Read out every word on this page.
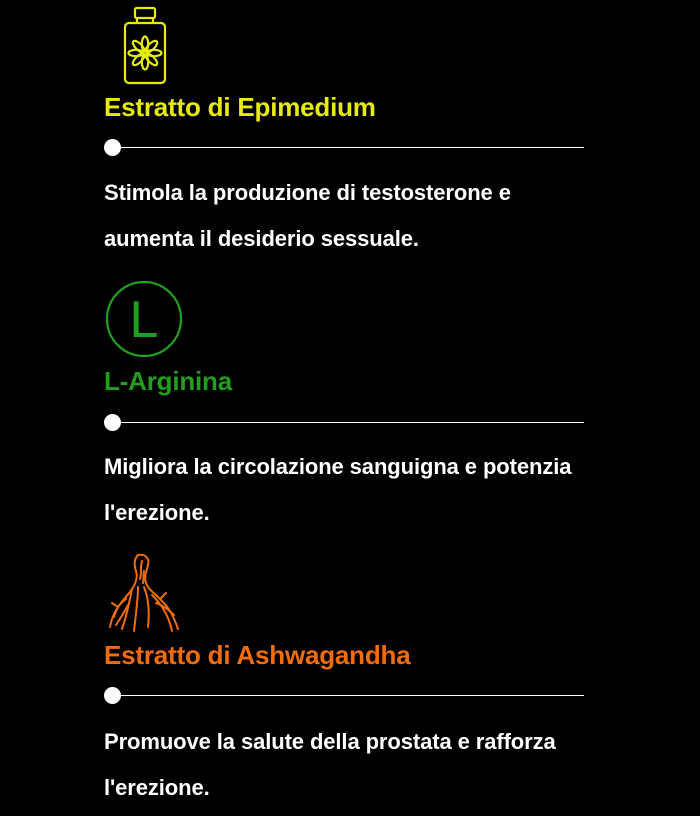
Estratto di Epimedium
Stimola la produzione di testosterone e aumenta il desiderio sessuale.
L
L-Arginina
Migliora la circolazione sanguigna e potenzia l'erezione.
Estratto di Ashwagandha
Promuove la salute della prostata e rafforza l'erezione.
